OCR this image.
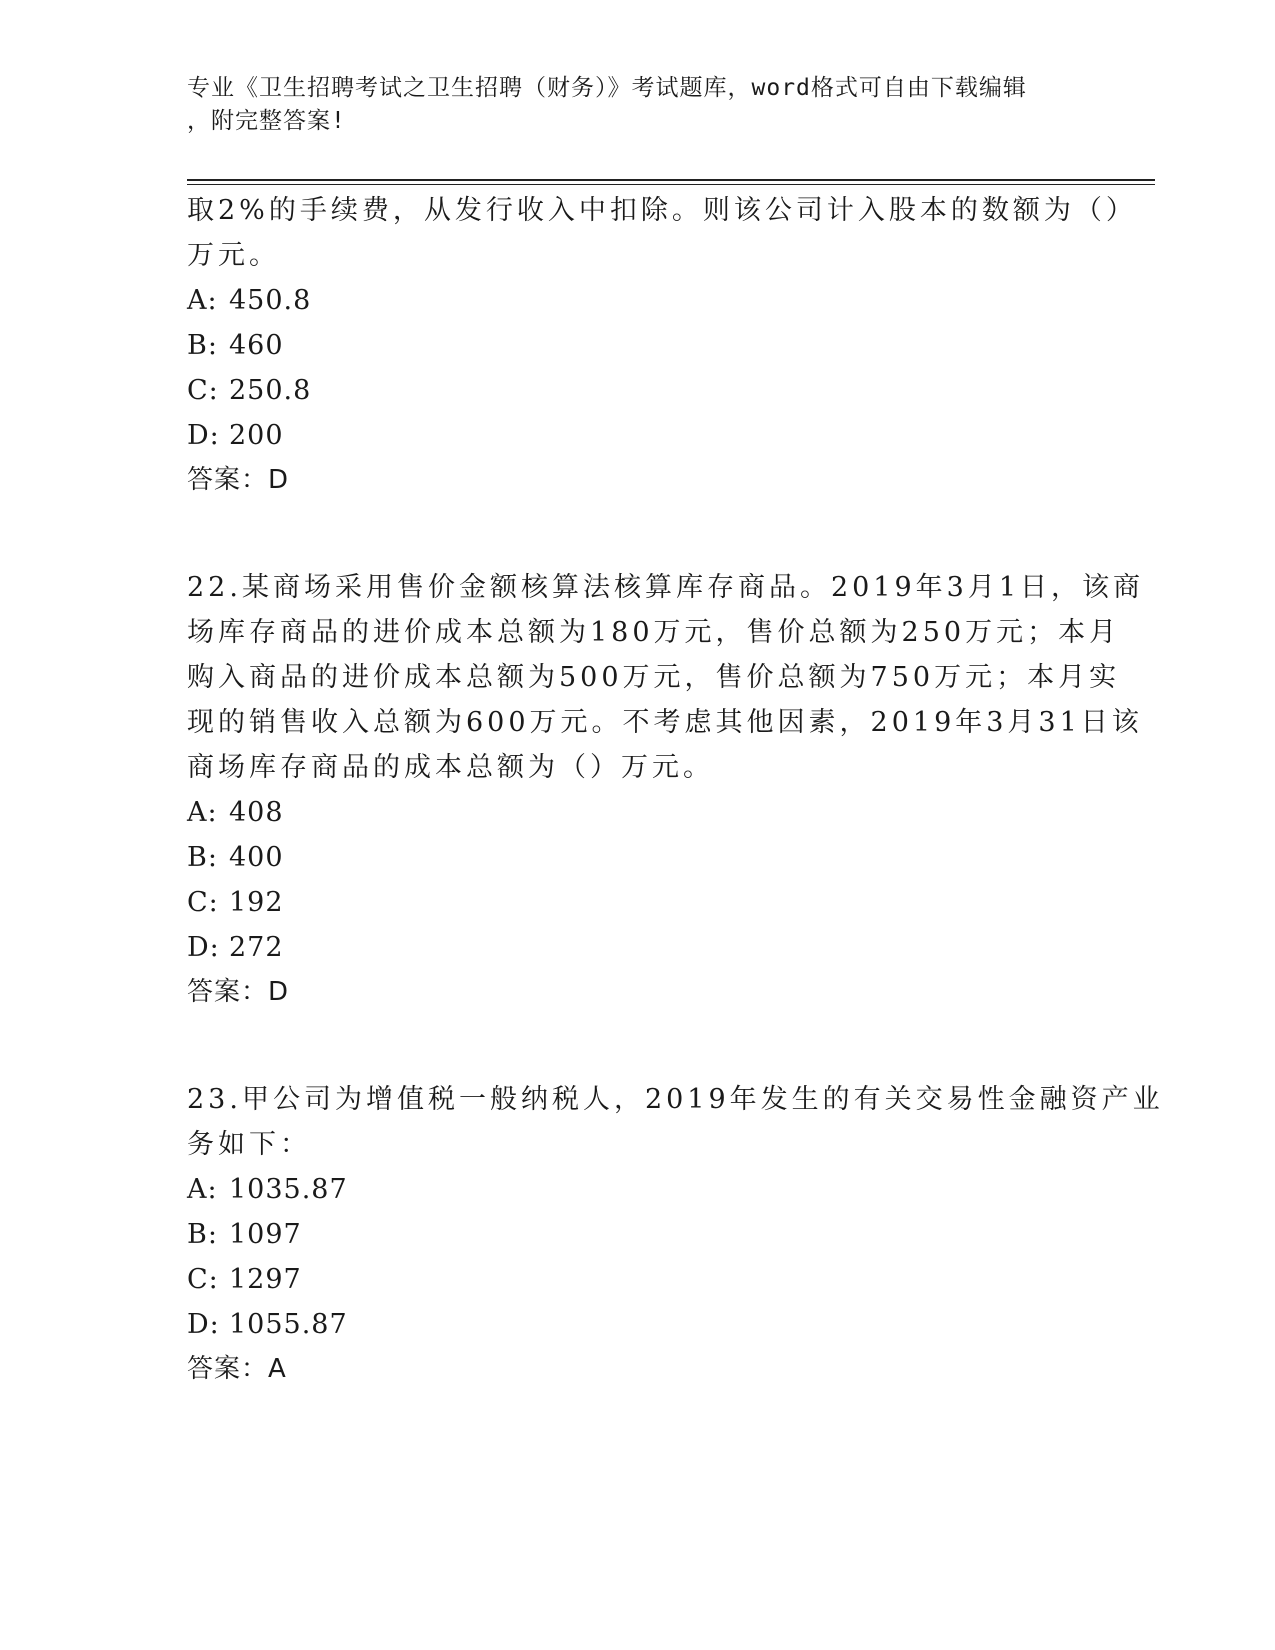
专业《卫生招聘考试之卫生招聘（财务）》考试题库，word格式可自由下载编辑
，附完整答案!
取2%的手续费，从发行收入中扣除。则该公司计入股本的数额为（）
万元。

A: 450.8

B: 460

C: 250.8

D: 200

答案：D

22.某商场采用售价金额核算法核算库存商品。2019年3月1日，该商
场库存商品的进价成本总额为180万元，售价总额为250万元；本月
购入商品的进价成本总额为500万元，售价总额为750万元；本月实
现的销售收入总额为600万元。不考虑其他因素，2019年3月31日该
商场库存商品的成本总额为（）万元。

A: 408

B: 400

C: 192

D: 272

答案：D

23.甲公司为增值税一般纳税人，2019年发生的有关交易性金融资产业
务如下：

A: 1035.87

B: 1097

C: 1297

D: 1055.87

答案：A
